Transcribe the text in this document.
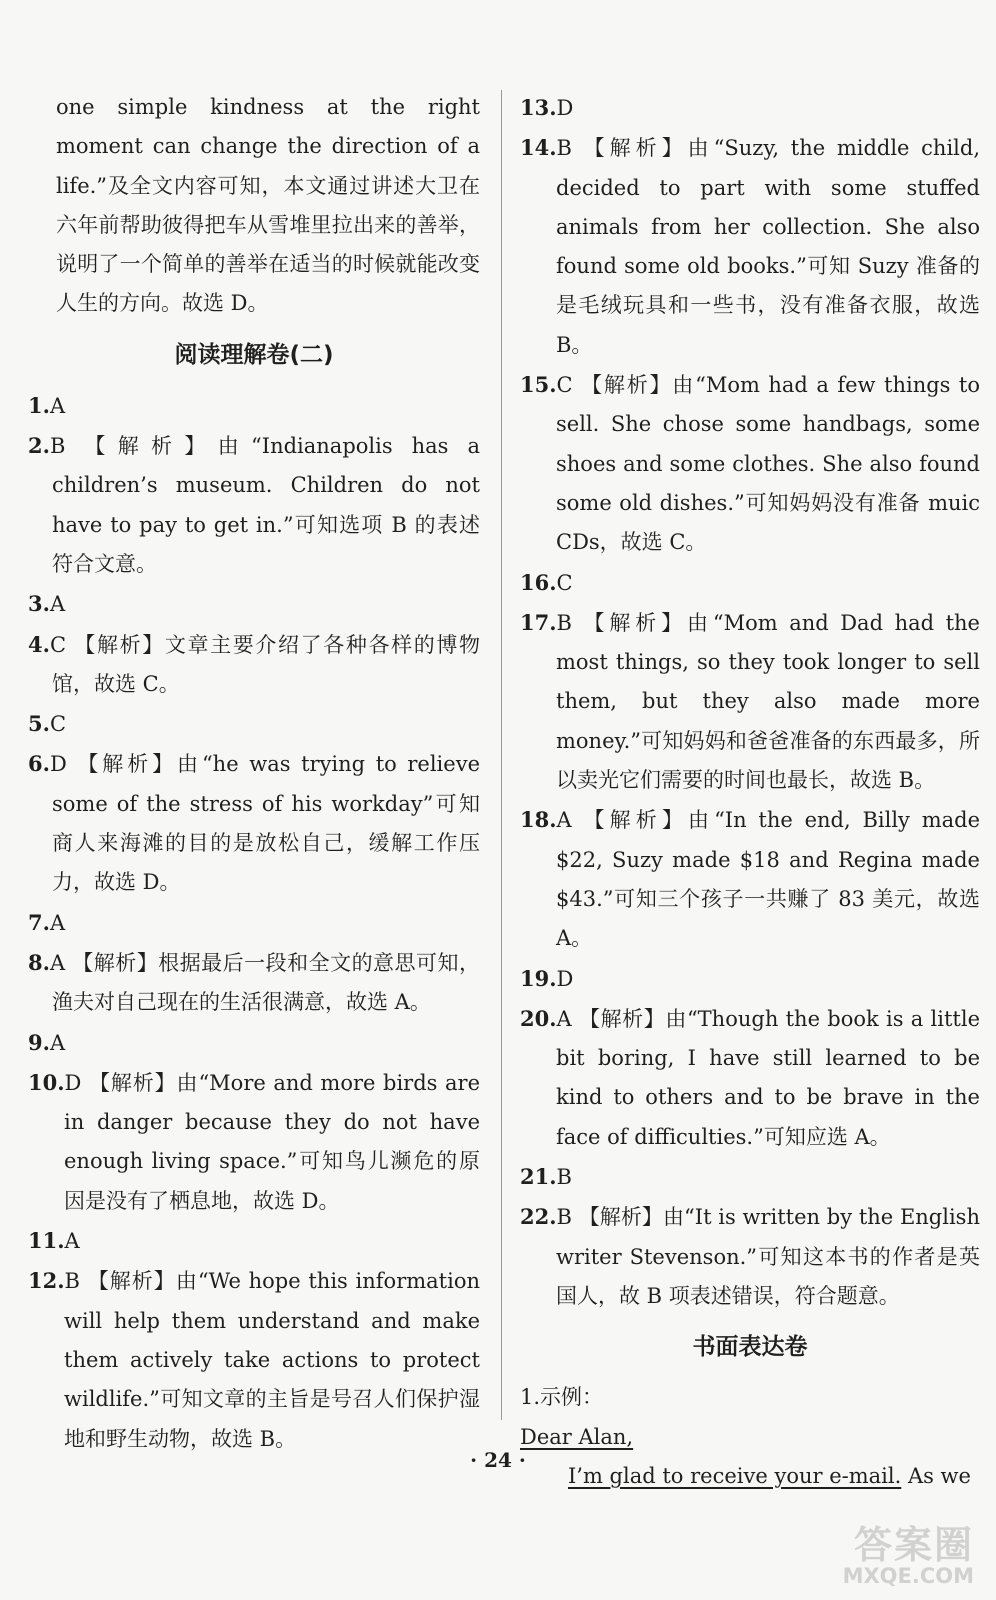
one simple kindness at the right moment can change the direction of a life.”及全文内容可知，本文通过讲述大卫在六年前帮助彼得把车从雪堆里拉出来的善举，说明了一个简单的善举在适当的时候就能改变人生的方向。故选 D。

阅读理解卷(二)

1.A

2.B 【解析】由“Indianapolis has a children’s museum. Children do not have to pay to get in.”可知选项 B 的表述符合文意。

3.A

4.C 【解析】文章主要介绍了各种各样的博物馆，故选 C。

5.C

6.D 【解析】由“he was trying to relieve some of the stress of his workday”可知商人来海滩的目的是放松自己，缓解工作压力，故选 D。

7.A

8.A 【解析】根据最后一段和全文的意思可知，渔夫对自己现在的生活很满意，故选 A。

9.A

10.D 【解析】由“More and more birds are in danger because they do not have enough living space.”可知鸟儿濒危的原因是没有了栖息地，故选 D。

11.A

12.B 【解析】由“We hope this information will help them understand and make them actively take actions to protect wildlife.”可知文章的主旨是号召人们保护湿地和野生动物，故选 B。

13.D

14.B 【解析】由“Suzy, the middle child, decided to part with some stuffed animals from her collection. She also found some old books.”可知 Suzy 准备的是毛绒玩具和一些书，没有准备衣服，故选 B。

15.C 【解析】由“Mom had a few things to sell. She chose some handbags, some shoes and some clothes. She also found some old dishes.”可知妈妈没有准备 muic CDs，故选 C。

16.C

17.B 【解析】由“Mom and Dad had the most things, so they took longer to sell them, but they also made more money.”可知妈妈和爸爸准备的东西最多，所以卖光它们需要的时间也最长，故选 B。

18.A 【解析】由“In the end, Billy made $22, Suzy made $18 and Regina made $43.”可知三个孩子一共赚了 83 美元，故选 A。

19.D

20.A 【解析】由“Though the book is a little bit boring, I have still learned to be kind to others and to be brave in the face of difficulties.”可知应选 A。

21.B

22.B 【解析】由“It is written by the English writer Stevenson.”可知这本书的作者是英国人，故 B 项表述错误，符合题意。

书面表达卷

1.示例：

Dear Alan,

I’m glad to receive your e-mail. As we

· 24 ·
答案圈
MXQE.COM
